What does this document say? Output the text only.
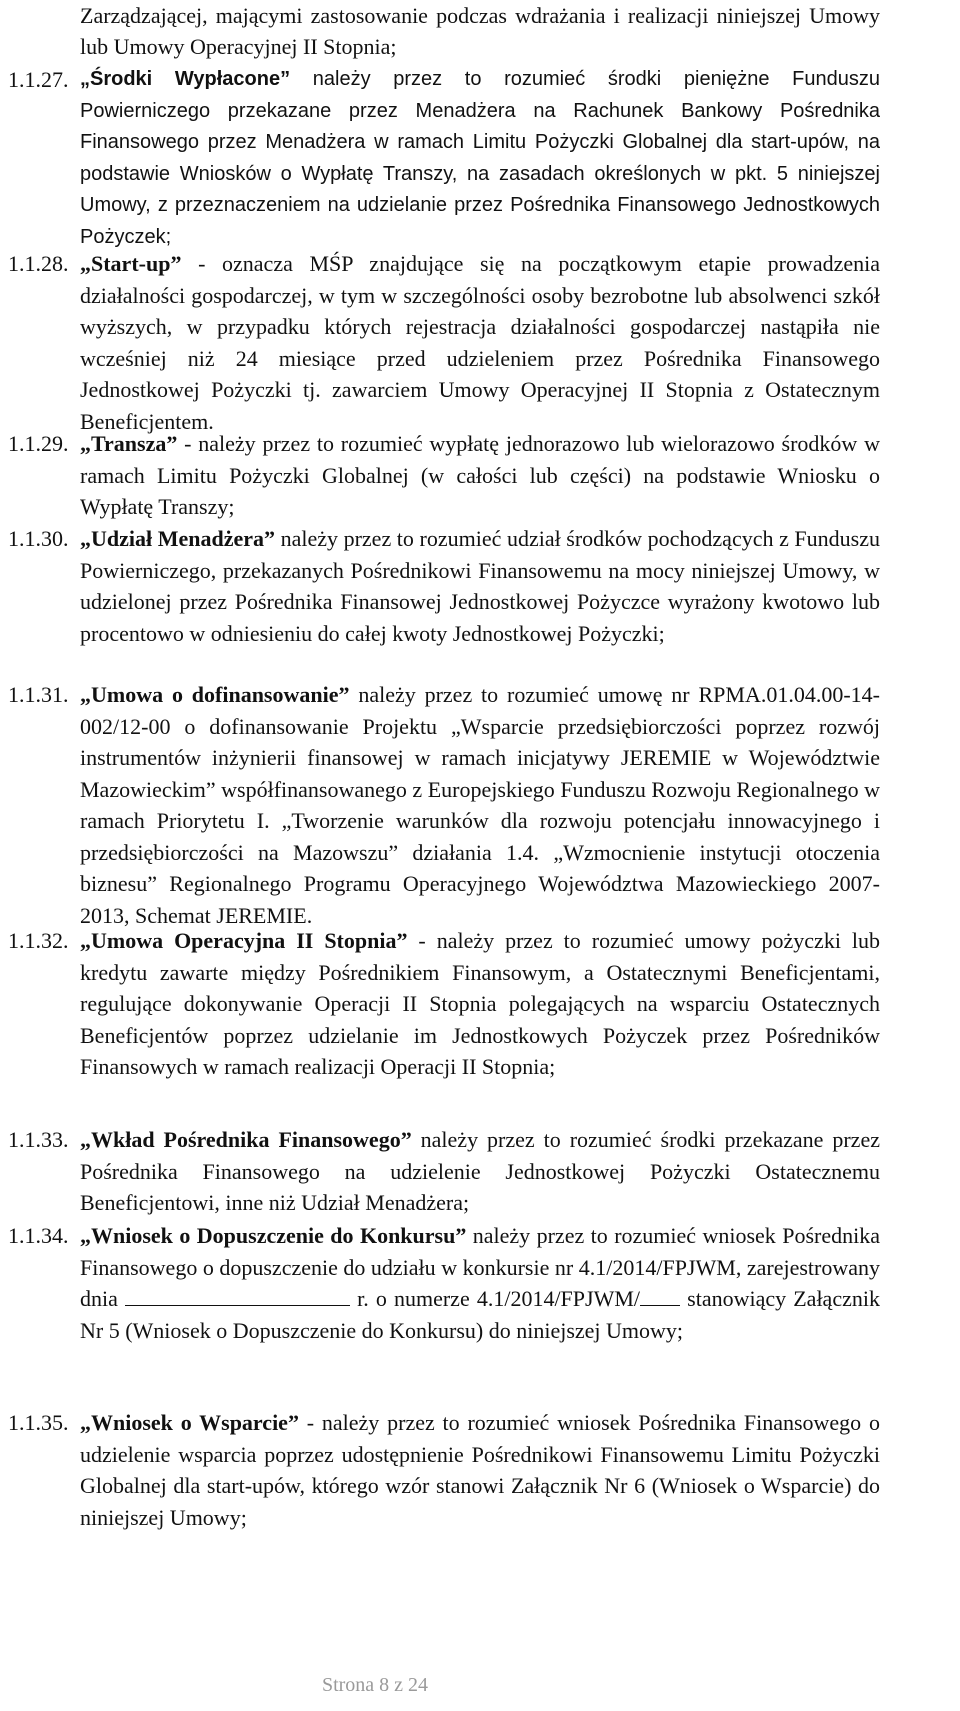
Zarządzającej, mającymi zastosowanie podczas wdrażania i realizacji niniejszej Umowy lub Umowy Operacyjnej II Stopnia;
1.1.27. „Środki Wypłacone” należy przez to rozumieć środki pieniężne Funduszu Powierniczego przekazane przez Menadżera na Rachunek Bankowy Pośrednika Finansowego przez Menadżera w ramach Limitu Pożyczki Globalnej dla start-upów, na podstawie Wniosków o Wypłatę Transzy, na zasadach określonych w pkt. 5 niniejszej Umowy, z przeznaczeniem na udzielanie przez Pośrednika Finansowego Jednostkowych Pożyczek;
1.1.28. „Start-up” - oznacza MŚP znajdujące się na początkowym etapie prowadzenia działalności gospodarczej, w tym w szczególności osoby bezrobotne lub absolwenci szkół wyższych, w przypadku których rejestracja działalności gospodarczej nastąpiła nie wcześniej niż 24 miesiące przed udzieleniem przez Pośrednika Finansowego Jednostkowej Pożyczki tj. zawarciem Umowy Operacyjnej II Stopnia z Ostatecznym Beneficjentem.
1.1.29. „Transza” - należy przez to rozumieć wypłatę jednorazowo lub wielorazowo środków w ramach Limitu Pożyczki Globalnej (w całości lub części) na podstawie Wniosku o Wypłatę Transzy;
1.1.30. „Udział Menadżera” należy przez to rozumieć udział środków pochodzących z Funduszu Powierniczego, przekazanych Pośrednikowi Finansowemu na mocy niniejszej Umowy, w udzielonej przez Pośrednika Finansowej Jednostkowej Pożyczce wyrażony kwotowo lub procentowo w odniesieniu do całej kwoty Jednostkowej Pożyczki;
1.1.31. „Umowa o dofinansowanie” należy przez to rozumieć umowę nr RPMA.01.04.00-14-002/12-00 o dofinansowanie Projektu „Wsparcie przedsiębiorczości poprzez rozwój instrumentów inżynierii finansowej w ramach inicjatywy JEREMIE w Województwie Mazowieckim” współfinansowanego z Europejskiego Funduszu Rozwoju Regionalnego w ramach Priorytetu I. „Tworzenie warunków dla rozwoju potencjału innowacyjnego i przedsiębiorczości na Mazowszu” działania 1.4. „Wzmocnienie instytucji otoczenia biznesu” Regionalnego Programu Operacyjnego Województwa Mazowieckiego 2007-2013, Schemat JEREMIE.
1.1.32. „Umowa Operacyjna II Stopnia” - należy przez to rozumieć umowy pożyczki lub kredytu zawarte między Pośrednikiem Finansowym, a Ostatecznymi Beneficjentami, regulujące dokonywanie Operacji II Stopnia polegających na wsparciu Ostatecznych Beneficjentów poprzez udzielanie im Jednostkowych Pożyczek przez Pośredników Finansowych w ramach realizacji Operacji II Stopnia;
1.1.33. „Wkład Pośrednika Finansowego” należy przez to rozumieć środki przekazane przez Pośrednika Finansowego na udzielenie Jednostkowej Pożyczki Ostatecznemu Beneficjentowi, inne niż Udział Menadżera;
1.1.34. „Wniosek o Dopuszczenie do Konkursu” należy przez to rozumieć wniosek Pośrednika Finansowego o dopuszczenie do udziału w konkursie nr 4.1/2014/FPJWM, zarejestrowany dnia	r. o numerze 4.1/2014/FPJWM/ stanowiący Załącznik Nr 5 (Wniosek o Dopuszczenie do Konkursu) do niniejszej Umowy;
1.1.35. „Wniosek o Wsparcie” - należy przez to rozumieć wniosek Pośrednika Finansowego o udzielenie wsparcia poprzez udostępnienie Pośrednikowi Finansowemu Limitu Pożyczki Globalnej dla start-upów, którego wzór stanowi Załącznik Nr 6 (Wniosek o Wsparcie) do niniejszej Umowy;
Strona 8 z 24
